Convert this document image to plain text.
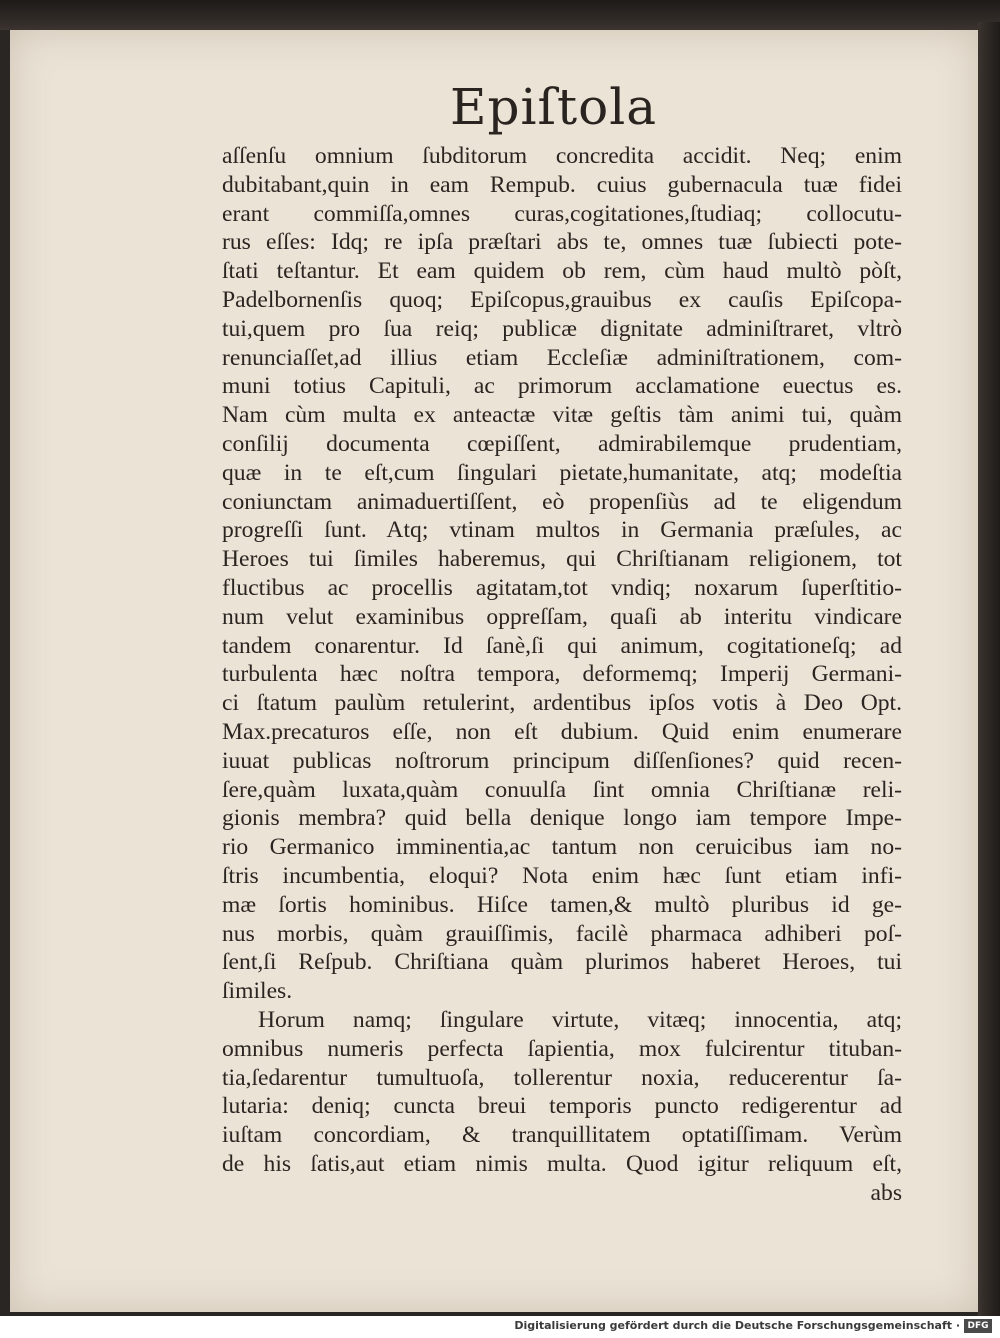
Epiſtola
aſſenſu omnium ſubditorum concredita accidit. Neq; enim
dubitabant,quin in eam Rempub. cuius gubernacula tuæ fidei
erant commiſſa,omnes curas,cogitationes,ſtudiaq; collocutu-
rus eſſes: Idq; re ipſa præſtari abs te, omnes tuæ ſubiecti pote-
ſtati teſtantur. Et eam quidem ob rem, cùm haud multò pòſt,
Padelbornenſis quoq; Epiſcopus,grauibus ex cauſis Epiſcopa-
tui,quem pro ſua reiq; publicæ dignitate adminiſtraret, vltrò
renunciaſſet,ad illius etiam Eccleſiæ adminiſtrationem, com-
muni totius Capituli, ac primorum acclamatione euectus es.
Nam cùm multa ex anteactæ vitæ geſtis tàm animi tui, quàm
conſilij documenta cœpiſſent, admirabilemque prudentiam,
quæ in te eſt,cum ſingulari pietate,humanitate, atq; modeſtia
coniunctam animaduertiſſent, eò propenſiùs ad te eligendum
progreſſi ſunt. Atq; vtinam multos in Germania præſules, ac
Heroes tui ſimiles haberemus, qui Chriſtianam religionem, tot
fluctibus ac procellis agitatam,tot vndiq; noxarum ſuperſtitio-
num velut examinibus oppreſſam, quaſi ab interitu vindicare
tandem conarentur. Id ſanè,ſi qui animum, cogitationeſq; ad
turbulenta hæc noſtra tempora, deformemq; Imperij Germani-
ci ſtatum paulùm retulerint, ardentibus ipſos votis à Deo Opt.
Max.precaturos eſſe, non eſt dubium. Quid enim enumerare
iuuat publicas noſtrorum principum diſſenſiones? quid recen-
ſere,quàm luxata,quàm conuulſa ſint omnia Chriſtianæ reli-
gionis membra? quid bella denique longo iam tempore Impe-
rio Germanico imminentia,ac tantum non ceruicibus iam no-
ſtris incumbentia, eloqui? Nota enim hæc ſunt etiam infi-
mæ ſortis hominibus. Hiſce tamen,& multò pluribus id ge-
nus morbis, quàm grauiſſimis, facilè pharmaca adhiberi poſ-
ſent,ſi Reſpub. Chriſtiana quàm plurimos haberet Heroes, tui
ſimiles.
Horum namq; ſingulare virtute, vitæq; innocentia, atq;
omnibus numeris perfecta ſapientia, mox fulcirentur tituban-
tia,ſedarentur tumultuoſa, tollerentur noxia, reducerentur ſa-
lutaria: deniq; cuncta breui temporis puncto redigerentur ad
iuſtam concordiam, & tranquillitatem optatiſſimam. Verùm
de his ſatis,aut etiam nimis multa. Quod igitur reliquum eſt,
abs
Digitalisierung gefördert durch die Deutsche Forschungsgemeinschaft · DFG
